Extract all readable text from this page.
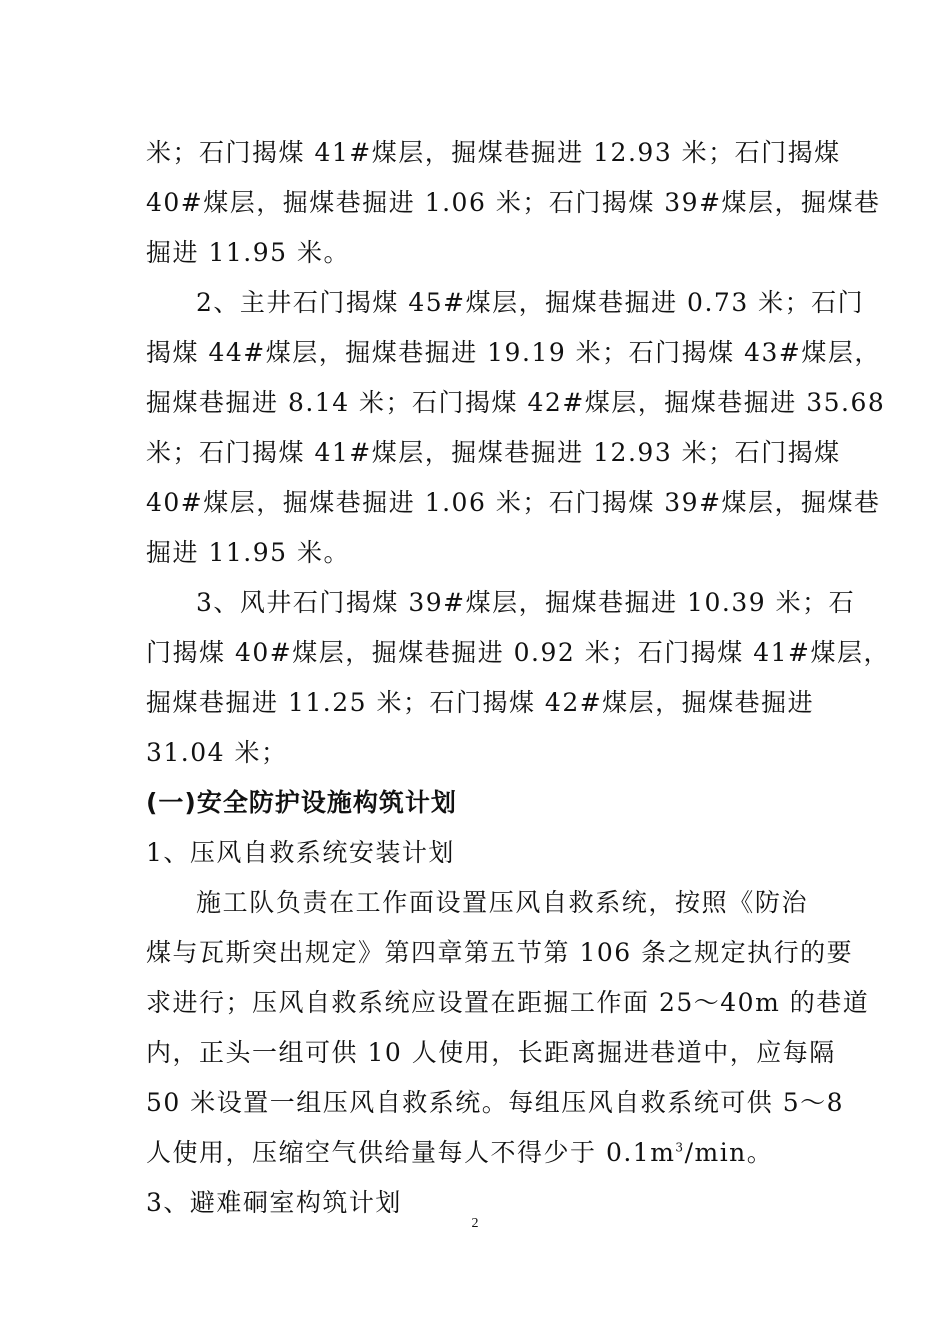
米；石门揭煤 41#煤层，掘煤巷掘进 12.93 米；石门揭煤
40#煤层，掘煤巷掘进 1.06 米；石门揭煤 39#煤层，掘煤巷
掘进 11.95 米。
2、主井石门揭煤 45#煤层，掘煤巷掘进 0.73 米；石门
揭煤 44#煤层，掘煤巷掘进 19.19 米；石门揭煤 43#煤层，
掘煤巷掘进 8.14 米；石门揭煤 42#煤层，掘煤巷掘进 35.68
米；石门揭煤 41#煤层，掘煤巷掘进 12.93 米；石门揭煤
40#煤层，掘煤巷掘进 1.06 米；石门揭煤 39#煤层，掘煤巷
掘进 11.95 米。
3、风井石门揭煤 39#煤层，掘煤巷掘进 10.39 米；石
门揭煤 40#煤层，掘煤巷掘进 0.92 米；石门揭煤 41#煤层，
掘煤巷掘进 11.25 米；石门揭煤 42#煤层，掘煤巷掘进
31.04 米；
(一)安全防护设施构筑计划
1、压风自救系统安装计划
施工队负责在工作面设置压风自救系统，按照《防治
煤与瓦斯突出规定》第四章第五节第 106 条之规定执行的要
求进行；压风自救系统应设置在距掘工作面 25～40m 的巷道
内，正头一组可供 10 人使用，长距离掘进巷道中，应每隔
50 米设置一组压风自救系统。每组压风自救系统可供 5～8
人使用，压缩空气供给量每人不得少于 $0.1m^3/\min$。
3、避难硐室构筑计划
2
